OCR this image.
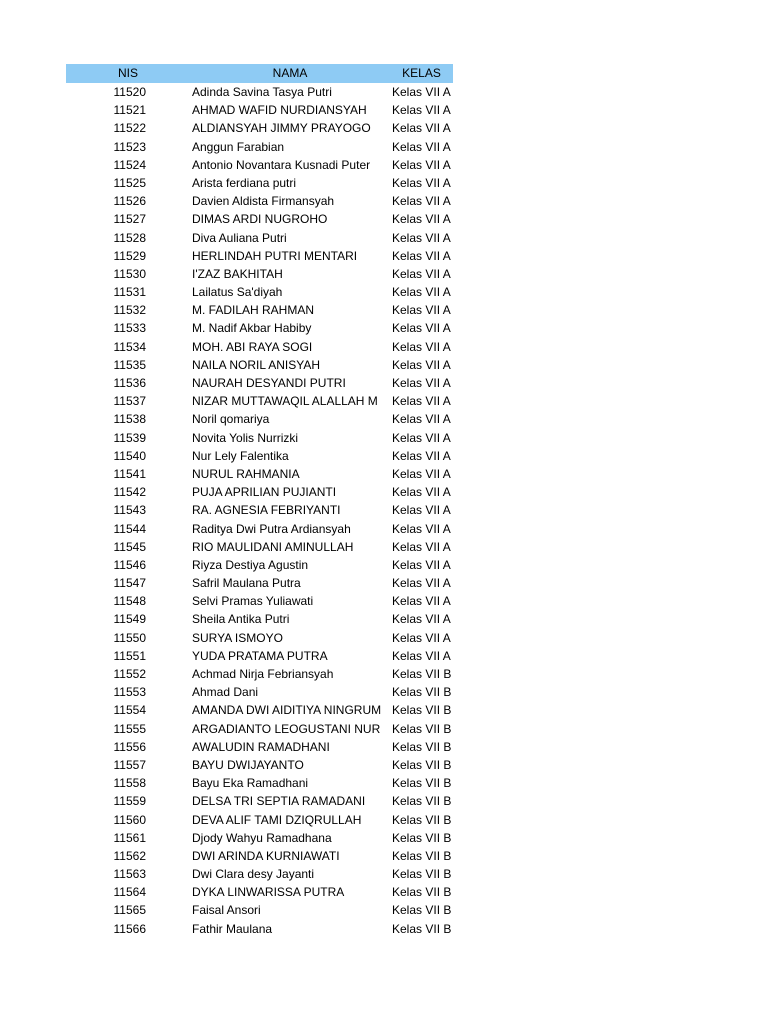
NIS	NAMA	KELAS
11520	Adinda Savina Tasya Putri	Kelas VII A
11521	AHMAD WAFID NURDIANSYAH	Kelas VII A
11522	ALDIANSYAH JIMMY PRAYOGO	Kelas VII A
11523	Anggun Farabian	Kelas VII A
11524	Antonio Novantara Kusnadi Puter	Kelas VII A
11525	Arista ferdiana putri	Kelas VII A
11526	Davien Aldista Firmansyah	Kelas VII A
11527	DIMAS ARDI NUGROHO	Kelas VII A
11528	Diva Auliana Putri	Kelas VII A
11529	HERLINDAH PUTRI MENTARI	Kelas VII A
11530	I'ZAZ BAKHITAH	Kelas VII A
11531	Lailatus Sa'diyah	Kelas VII A
11532	M. FADILAH RAHMAN	Kelas VII A
11533	M. Nadif Akbar Habiby	Kelas VII A
11534	MOH. ABI RAYA SOGI	Kelas VII A
11535	NAILA NORIL ANISYAH	Kelas VII A
11536	NAURAH DESYANDI PUTRI	Kelas VII A
11537	NIZAR MUTTAWAQIL ALALLAH M	Kelas VII A
11538	Noril qomariya	Kelas VII A
11539	Novita Yolis Nurrizki	Kelas VII A
11540	Nur Lely Falentika	Kelas VII A
11541	NURUL RAHMANIA	Kelas VII A
11542	PUJA APRILIAN PUJIANTI	Kelas VII A
11543	RA. AGNESIA FEBRIYANTI	Kelas VII A
11544	Raditya Dwi Putra Ardiansyah	Kelas VII A
11545	RIO MAULIDANI AMINULLAH	Kelas VII A
11546	Riyza Destiya Agustin	Kelas VII A
11547	Safril Maulana Putra	Kelas VII A
11548	Selvi Pramas Yuliawati	Kelas VII A
11549	Sheila Antika Putri	Kelas VII A
11550	SURYA ISMOYO	Kelas VII A
11551	YUDA PRATAMA PUTRA	Kelas VII A
11552	Achmad Nirja Febriansyah	Kelas VII B
11553	Ahmad Dani	Kelas VII B
11554	AMANDA DWI AIDITIYA NINGRUM Kelas VII B
11555	ARGADIANTO LEOGUSTANI NUR Kelas VII B
11556	AWALUDIN RAMADHANI	Kelas VII B
11557	BAYU DWIJAYANTO	Kelas VII B
11558	Bayu Eka Ramadhani	Kelas VII B
11559	DELSA TRI SEPTIA RAMADANI	Kelas VII B
11560	DEVA ALIF TAMI DZIQRULLAH	Kelas VII B
11561	Djody Wahyu Ramadhana	Kelas VII B
11562	DWI ARINDA KURNIAWATI	Kelas VII B
11563	Dwi Clara desy Jayanti	Kelas VII B
11564	DYKA LINWARISSA PUTRA	Kelas VII B
11565	Faisal Ansori	Kelas VII B
11566	Fathir Maulana	Kelas VII B
